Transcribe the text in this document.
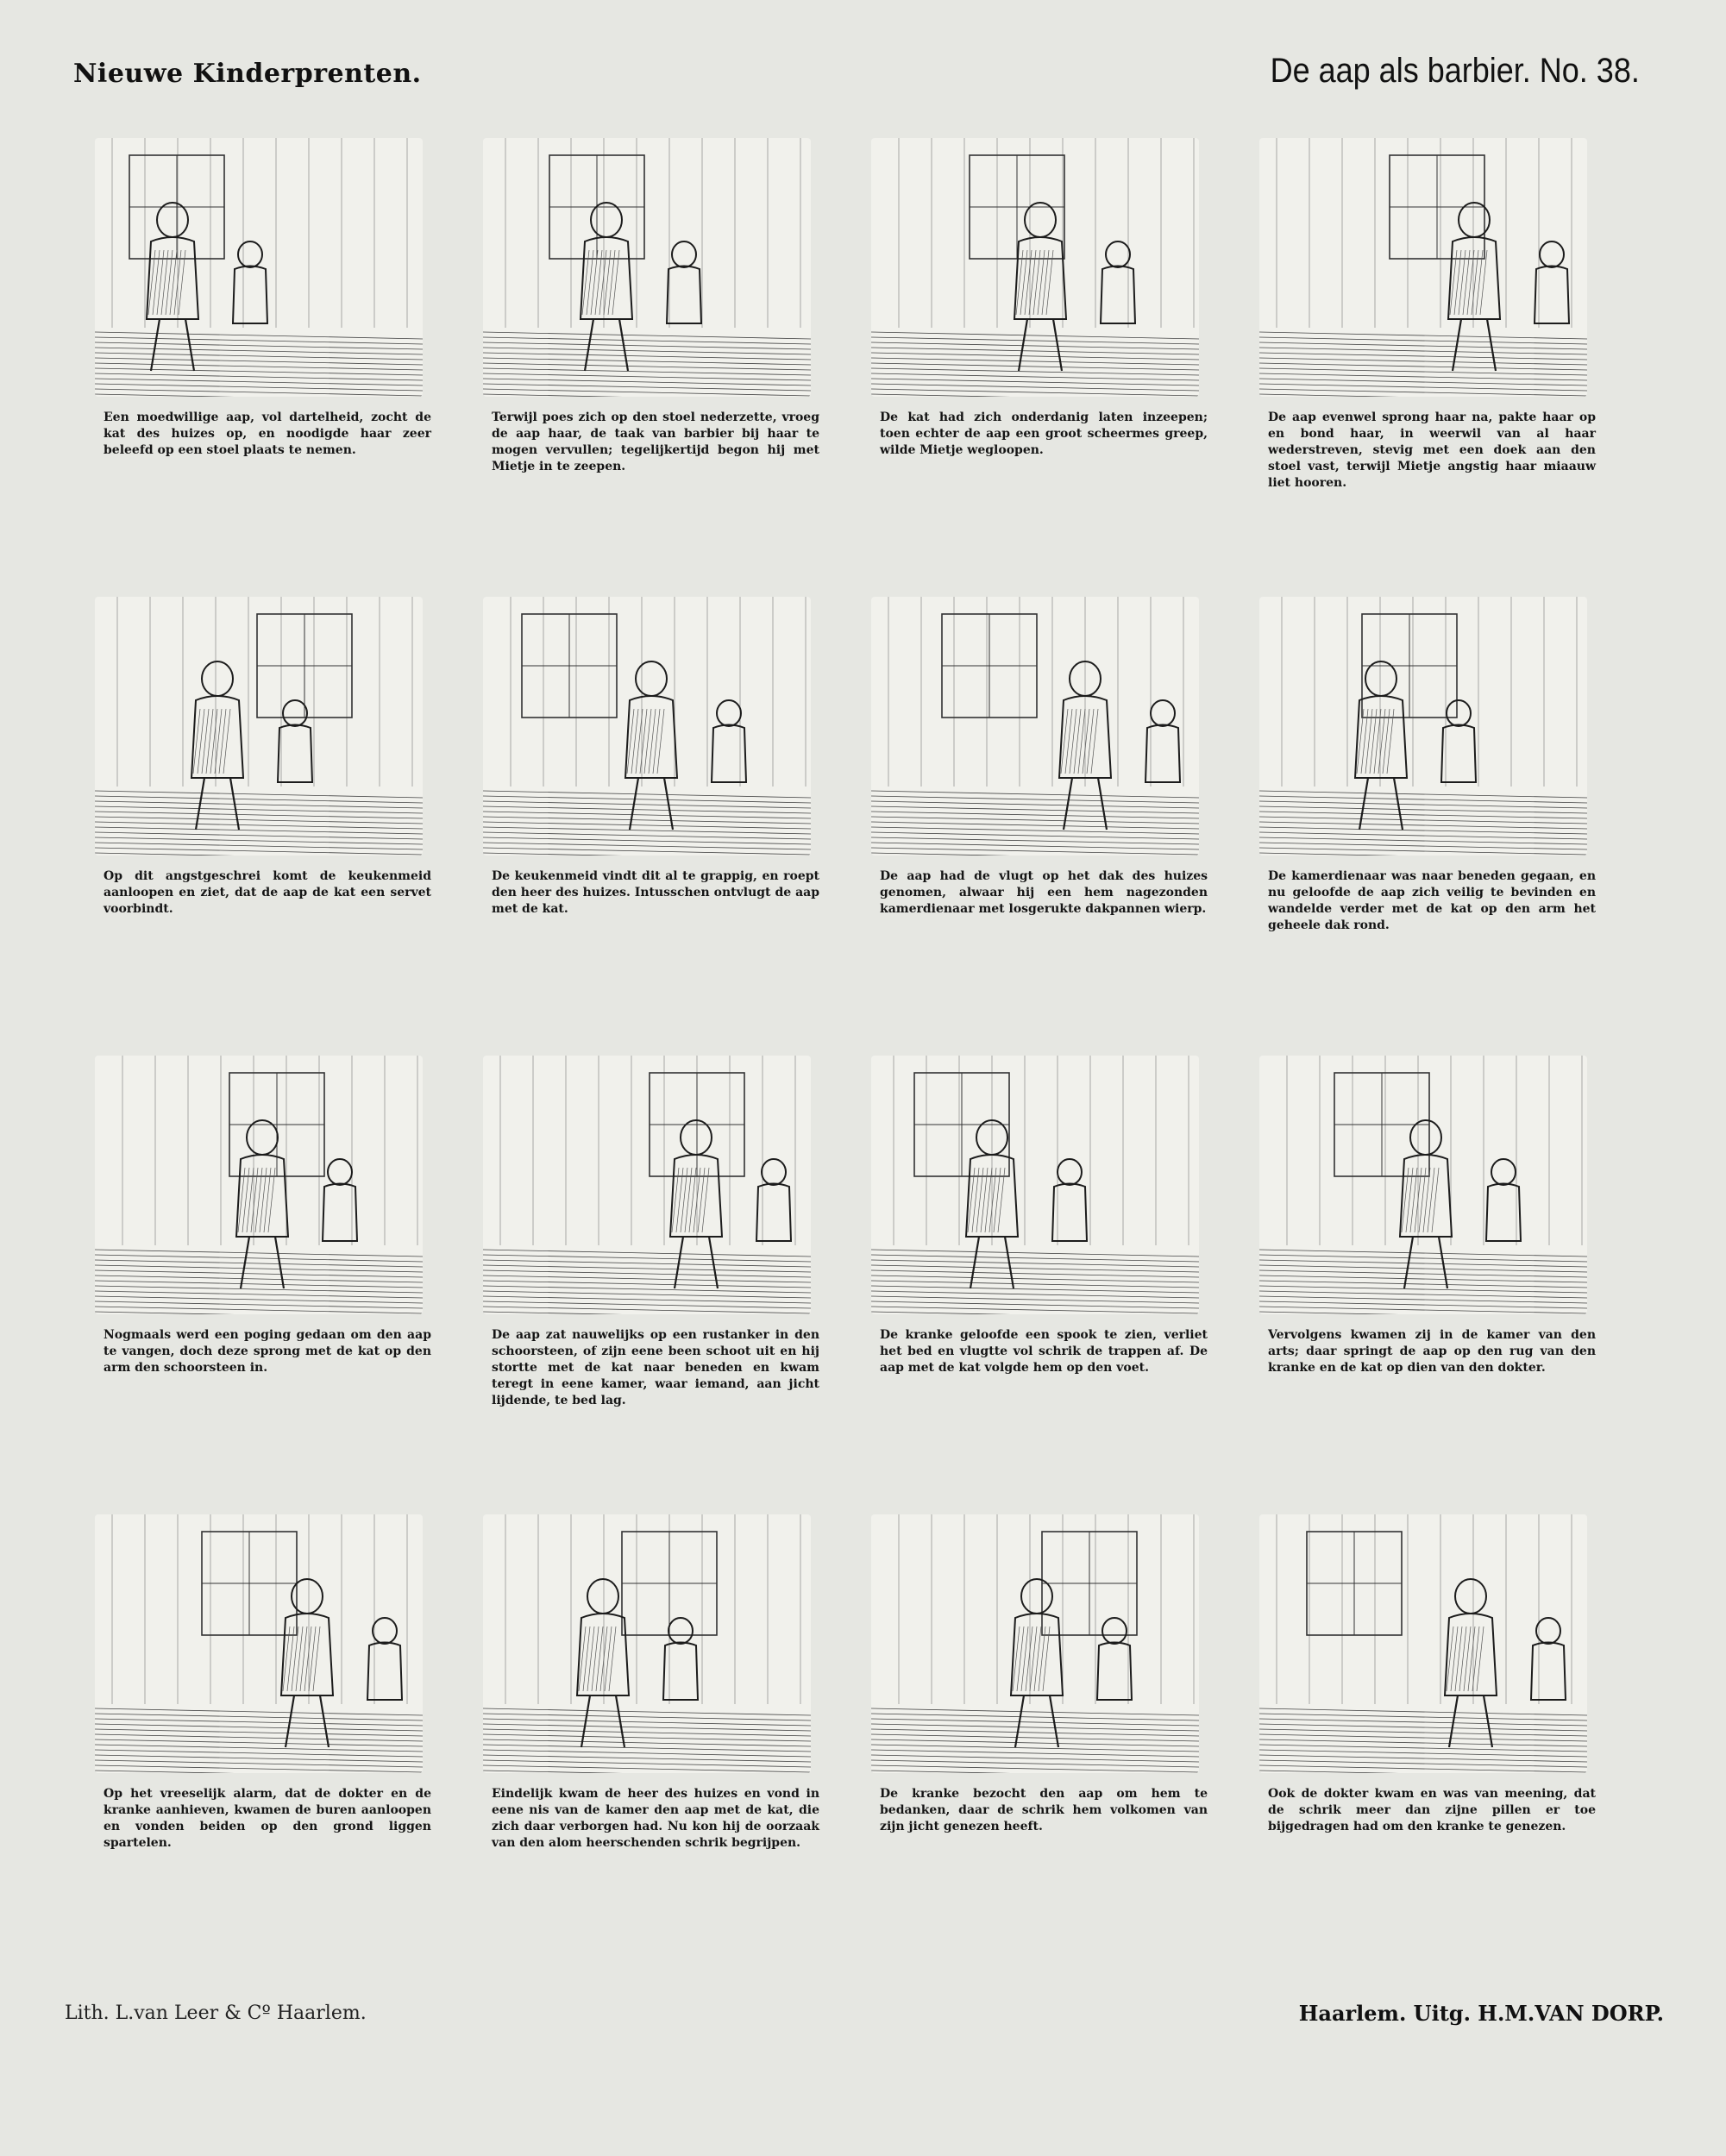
Nieuwe Kinderprenten.	De aap als barbier. No. 38.
Een moedwillige aap, vol dartelheid, zocht de kat des huizes op, en noodigde haar zeer beleefd op een stoel plaats te nemen.
Terwijl poes zich op den stoel nederzette, vroeg de aap haar, de taak van barbier bij haar te mogen vervullen; tegelijkertijd begon hij met Mietje in te zeepen.
De kat had zich onderdanig laten inzeepen; toen echter de aap een groot scheermes greep, wilde Mietje wegloopen.
De aap evenwel sprong haar na, pakte haar op en bond haar, in weerwil van al haar wederstreven, stevig met een doek aan den stoel vast, terwijl Mietje angstig haar miaauw liet hooren.
Op dit angstgeschrei komt de keukenmeid aanloopen en ziet, dat de aap de kat een servet voorbindt.
De keukenmeid vindt dit al te grappig, en roept den heer des huizes. Intusschen ontvlugt de aap met de kat.
De aap had de vlugt op het dak des huizes genomen, alwaar hij een hem nagezonden kamerdienaar met losgerukte dakpannen wierp.
De kamerdienaar was naar beneden gegaan, en nu geloofde de aap zich veilig te bevinden en wandelde verder met de kat op den arm het geheele dak rond.
Nogmaals werd een poging gedaan om den aap te vangen, doch deze sprong met de kat op den arm den schoorsteen in.
De aap zat nauwelijks op een rustanker in den schoorsteen, of zijn eene been schoot uit en hij stortte met de kat naar beneden en kwam teregt in eene kamer, waar iemand, aan jicht lijdende, te bed lag.
De kranke geloofde een spook te zien, verliet het bed en vlugtte vol schrik de trappen af. De aap met de kat volgde hem op den voet.
Vervolgens kwamen zij in de kamer van den arts; daar springt de aap op den rug van den kranke en de kat op dien van den dokter.
Op het vreeselijk alarm, dat de dokter en de kranke aanhieven, kwamen de buren aanloopen en vonden beiden op den grond liggen spartelen.
Eindelijk kwam de heer des huizes en vond in eene nis van de kamer den aap met de kat, die zich daar verborgen had. Nu kon hij de oorzaak van den alom heerschenden schrik begrijpen.
De kranke bezocht den aap om hem te bedanken, daar de schrik hem volkomen van zijn jicht genezen heeft.
Ook de dokter kwam en was van meening, dat de schrik meer dan zijne pillen er toe bijgedragen had om den kranke te genezen.
Lith. L.van Leer & Cº Haarlem.	Haarlem. Uitg. H.M.VAN DORP.
